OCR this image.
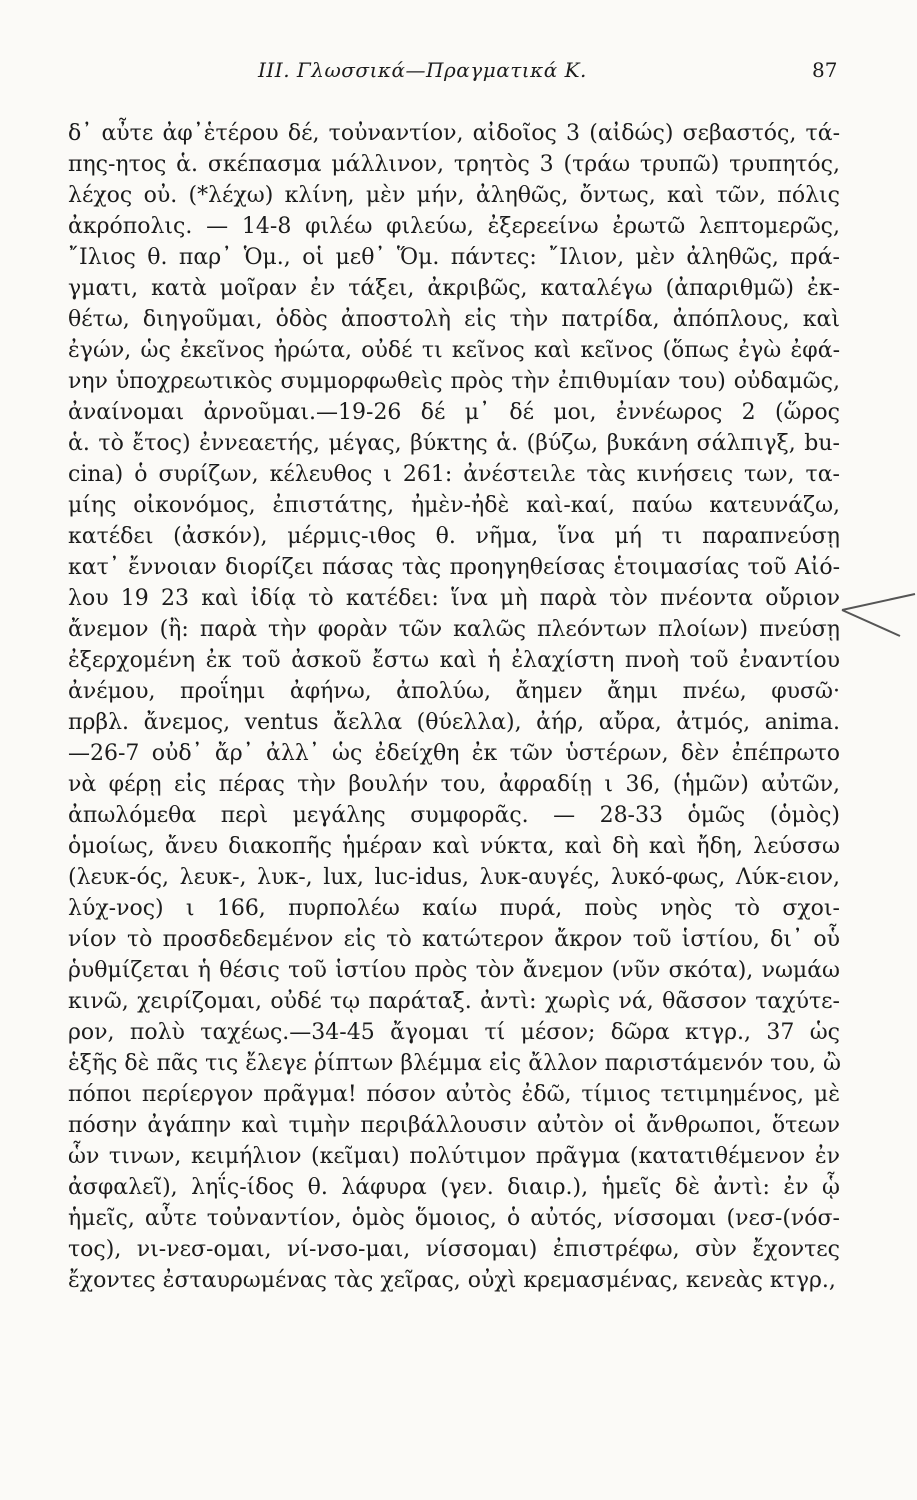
III. Γλωσσικά—Πραγματικά Κ.	87
δ᾽ αὖτε ἀφ᾽ἑτέρου δέ, τοὐναντίον, αἰδοῖος 3 (αἰδώς) σεβαστός, τά-
πης-ητος ἁ. σκέπασμα μάλλινον, τρητὸς 3 (τράω τρυπῶ) τρυπητός,
λέχος οὐ. (*λέχω) κλίνη, μὲν μήν, ἀληθῶς, ὄντως, καὶ τῶν, πόλις
ἀκρόπολις. — 14-8 φιλέω φιλεύω, ἐξερεείνω ἐρωτῶ λεπτομερῶς,
῎Ιλιος θ. παρ᾽ Ὁμ., οἱ μεθ᾽ Ὅμ. πάντες: ῎Ιλιον, μὲν ἀληθῶς, πρά-
γματι, κατὰ μοῖραν ἐν τάξει, ἀκριβῶς, καταλέγω (ἀπαριθμῶ) ἐκ-
θέτω, διηγοῦμαι, ὁδὸς ἀποστολὴ εἰς τὴν πατρίδα, ἀπόπλους, καὶ
ἐγών, ὡς ἐκεῖνος ἠρώτα, οὐδέ τι κεῖνος καὶ κεῖνος (ὅπως ἐγὼ ἐφά-
νην ὑποχρεωτικὸς συμμορφωθεὶς πρὸς τὴν ἐπιθυμίαν του) οὐδαμῶς,
ἀναίνομαι ἀρνοῦμαι.—19-26 δέ μ᾽ δέ μοι, ἐννέωρος 2 (ὥρος
ἁ. τὸ ἔτος) ἐννεαετής, μέγας, βύκτης ἁ. (βύζω, βυκάνη σάλπιγξ, bu-
cina) ὁ συρίζων, κέλευθος ι 261: ἀνέστειλε τὰς κινήσεις των, τα-
μίης οἰκονόμος, ἐπιστάτης, ἠμὲν-ἠδὲ καὶ-καί, παύω κατευνάζω,
κατέδει (ἀσκόν), μέρμις-ιθος θ. νῆμα, ἵνα μή τι παραπνεύσῃ
κατ᾽ ἔννοιαν διορίζει πάσας τὰς προηγηθείσας ἑτοιμασίας τοῦ Αἰό-
λου 19 23 καὶ ἰδίᾳ τὸ κατέδει: ἵνα μὴ παρὰ τὸν πνέοντα οὔριον
ἄνεμον (ἢ: παρὰ τὴν φορὰν τῶν καλῶς πλεόντων πλοίων) πνεύσῃ
ἐξερχομένη ἐκ τοῦ ἀσκοῦ ἔστω καὶ ἡ ἐλαχίστη πνοὴ τοῦ ἐναντίου
ἀνέμου, προΐημι ἀφήνω, ἀπολύω, ἄημεν ἄημι πνέω, φυσῶ·
πρβλ. ἄνεμος, ventus ἄελλα (θύελλα), ἀήρ, αὔρα, ἀτμός, anima.
—26-7 οὐδ᾽ ἄρ᾽ ἀλλ᾽ ὡς ἐδείχθη ἐκ τῶν ὑστέρων, δὲν ἐπέπρωτο
νὰ φέρῃ εἰς πέρας τὴν βουλήν του, ἀφραδίῃ ι 36, (ἡμῶν) αὐτῶν,
ἀπωλόμεθα περὶ μεγάλης συμφορᾶς. — 28-33 ὁμῶς (ὁμὸς)
ὁμοίως, ἄνευ διακοπῆς ἡμέραν καὶ νύκτα, καὶ δὴ καὶ ἤδη, λεύσσω
(λευκ-ός, λευκ-, λυκ-, lux, luc-idus, λυκ-αυγές, λυκό-φως, Λύκ-ειον,
λύχ-νος) ι 166, πυρπολέω καίω πυρά, ποὺς νηὸς τὸ σχοι-
νίον τὸ προσδεδεμένον εἰς τὸ κατώτερον ἄκρον τοῦ ἱστίου, δι᾽ οὗ
ῥυθμίζεται ἡ θέσις τοῦ ἱστίου πρὸς τὸν ἄνεμον (νῦν σκότα), νωμάω
κινῶ, χειρίζομαι, οὐδέ τῳ παράταξ. ἀντὶ: χωρὶς νά, θᾶσσον ταχύτε-
ρον, πολὺ ταχέως.—34-45 ἄγομαι τί μέσον; δῶρα κτγρ., 37 ὡς
ἑξῆς δὲ πᾶς τις ἔλεγε ῥίπτων βλέμμα εἰς ἄλλον παριστάμενόν του, ὢ
πόποι περίεργον πρᾶγμα! πόσον αὐτὸς ἐδῶ, τίμιος τετιμημένος, μὲ
πόσην ἀγάπην καὶ τιμὴν περιβάλλουσιν αὐτὸν οἱ ἄνθρωποι, ὅτεων
ὧν τινων, κειμήλιον (κεῖμαι) πολύτιμον πρᾶγμα (κατατιθέμενον ἐν
ἀσφαλεῖ), ληΐς-ίδος θ. λάφυρα (γεν. διαιρ.), ἡμεῖς δὲ ἀντὶ: ἐν ᾧ
ἡμεῖς, αὖτε τοὐναντίον, ὁμὸς ὅμοιος, ὁ αὐτός, νίσσομαι (νεσ-(νόσ-
τος), νι-νεσ-ομαι, νί-νσο-μαι, νίσσομαι) ἐπιστρέφω, σὺν ἔχοντες
ἔχοντες ἐσταυρωμένας τὰς χεῖρας, οὐχὶ κρεμασμένας, κενεὰς κτγρ.,
